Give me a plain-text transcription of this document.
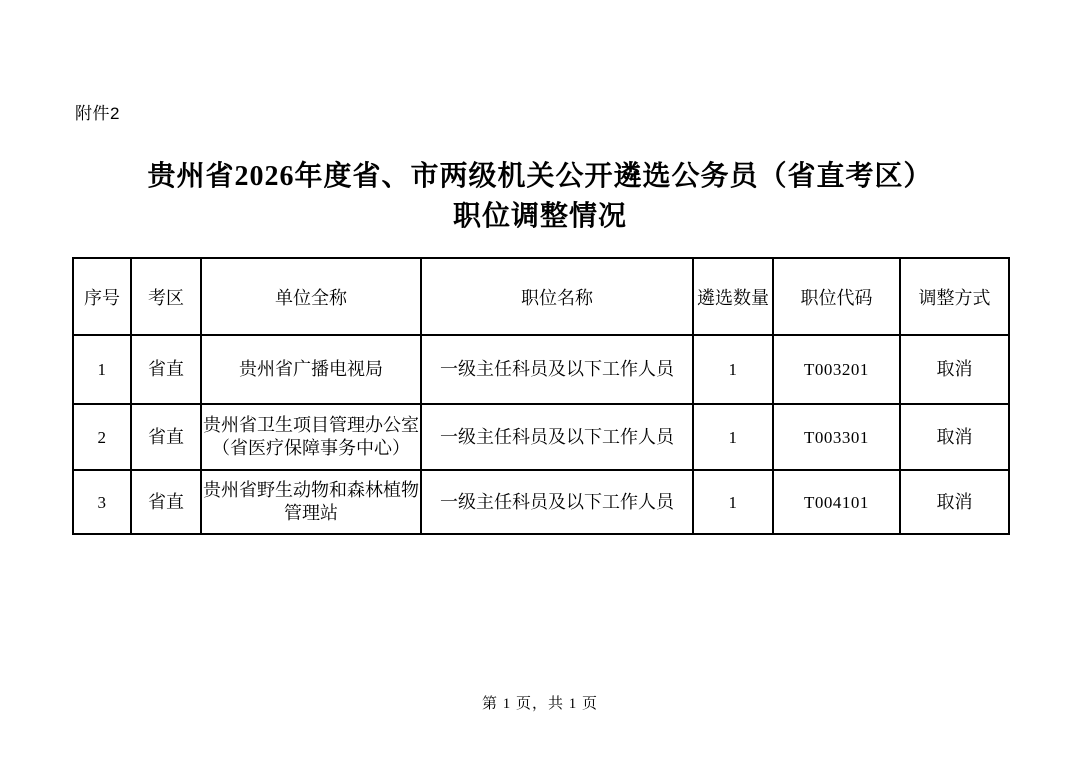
附件2
贵州省2026年度省、市两级机关公开遴选公务员（省直考区）
职位调整情况
序号	考区	单位全称	职位名称	遴选数量	职位代码	调整方式
1	省直	贵州省广播电视局	一级主任科员及以下工作人员	1	T003201	取消
2	省直	贵州省卫生项目管理办公室（省医疗保障事务中心）	一级主任科员及以下工作人员	1	T003301	取消
3	省直	贵州省野生动物和森林植物管理站	一级主任科员及以下工作人员	1	T004101	取消
第 1 页，共 1 页
